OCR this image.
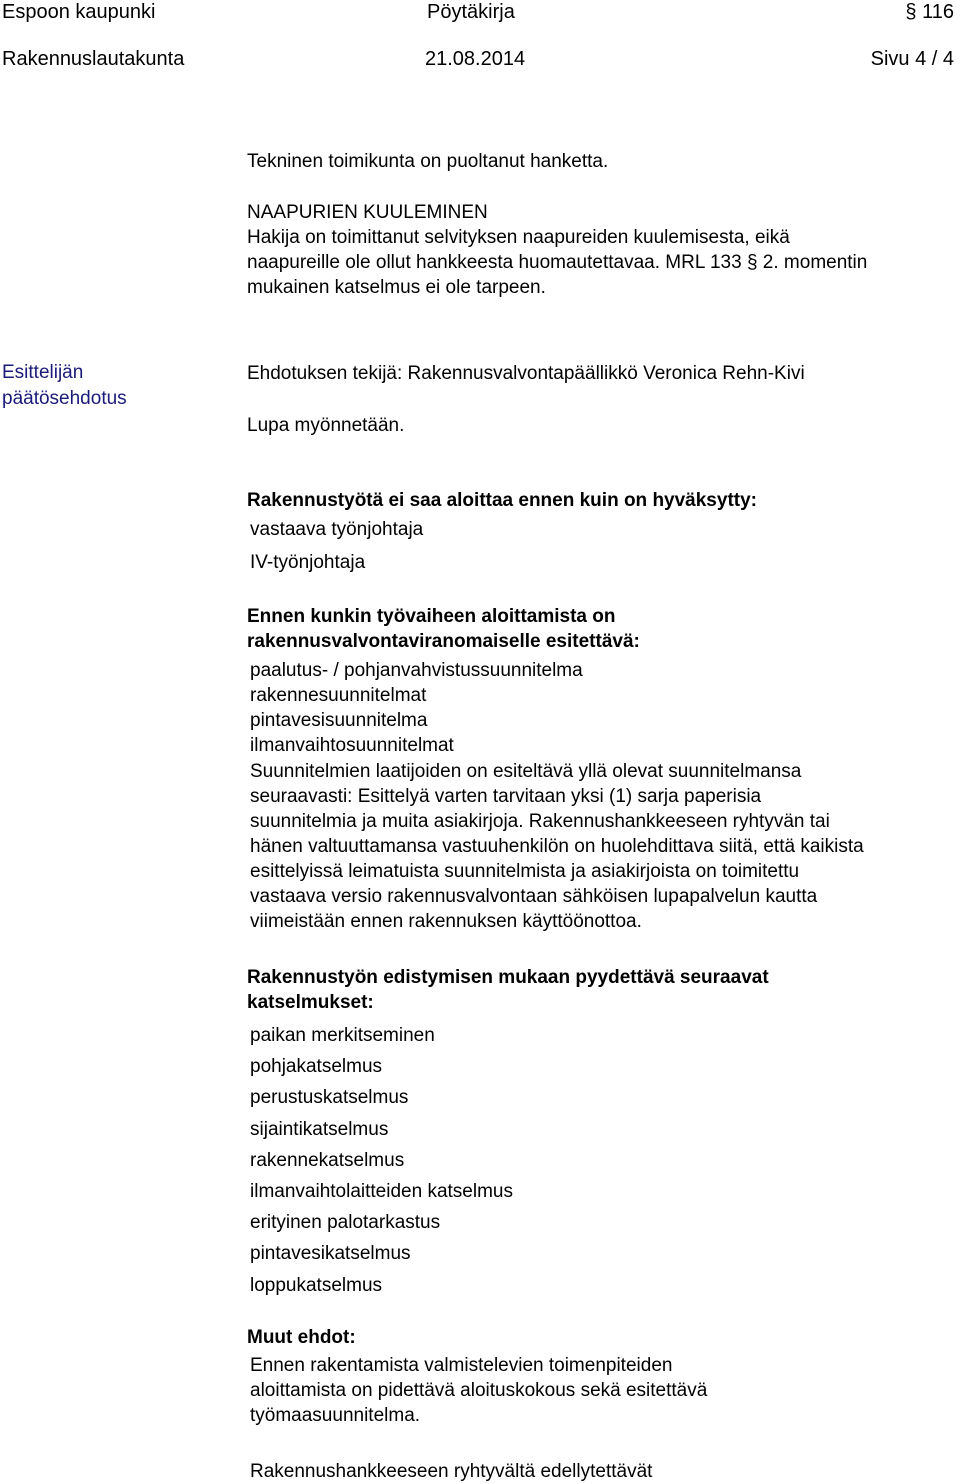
Espoon kaupunki	Pöytäkirja	§ 116
Rakennuslautakunta	21.08.2014	Sivu 4 / 4
Tekninen toimikunta on puoltanut hanketta.
NAAPURIEN KUULEMINEN
Hakija on toimittanut selvityksen naapureiden kuulemisesta, eikä
naapureille ole ollut hankkeesta huomautettavaa. MRL 133 § 2. momentin
mukainen katselmus ei ole tarpeen.
Esittelijän
päätösehdotus
Ehdotuksen tekijä: Rakennusvalvontapäällikkö Veronica Rehn-Kivi
Lupa myönnetään.
Rakennustyötä ei saa aloittaa ennen kuin on hyväksytty:
vastaava työnjohtaja
IV-työnjohtaja
Ennen kunkin työvaiheen aloittamista on
rakennusvalvontaviranomaiselle esitettävä:
paalutus- / pohjanvahvistussuunnitelma
rakennesuunnitelmat
pintavesisuunnitelma
ilmanvaihtosuunnitelmat
Suunnitelmien laatijoiden on esiteltävä yllä olevat suunnitelmansa
seuraavasti: Esittelyä varten tarvitaan yksi (1) sarja paperisia
suunnitelmia ja muita asiakirjoja. Rakennushankkeeseen ryhtyvän tai
hänen valtuuttamansa vastuuhenkilön on huolehdittava siitä, että kaikista
esittelyissä leimatuista suunnitelmista ja asiakirjoista on toimitettu
vastaava versio rakennusvalvontaan sähköisen lupapalvelun kautta
viimeistään ennen rakennuksen käyttöönottoa.
Rakennustyön edistymisen mukaan pyydettävä seuraavat
katselmukset:
paikan merkitseminen
pohjakatselmus
perustuskatselmus
sijaintikatselmus
rakennekatselmus
ilmanvaihtolaitteiden katselmus
erityinen palotarkastus
pintavesikatselmus
loppukatselmus
Muut ehdot:
Ennen rakentamista valmistelevien toimenpiteiden
aloittamista on pidettävä aloituskokous sekä esitettävä
työmaasuunnitelma.
Rakennushankkeeseen ryhtyvältä edellytettävät
